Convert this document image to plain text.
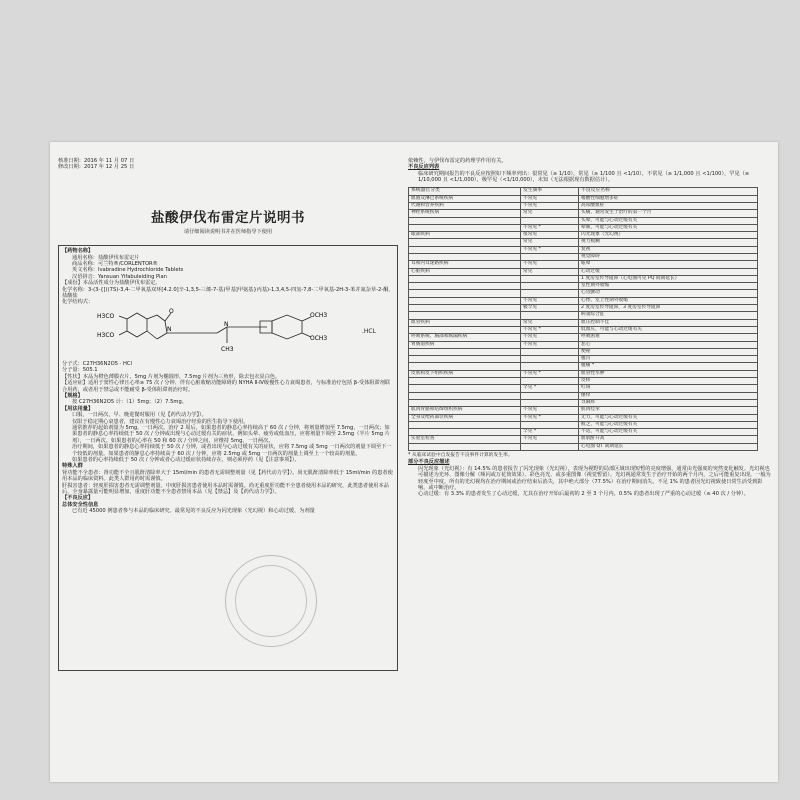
核准日期：2016 年 11 月 07 日

修改日期：2017 年 12 月 25 日

盐酸伊伐布雷定片说明书

请仔细阅读说明书并在医师指导下使用

【药物名称】

通用名称：盐酸伊伐布雷定片

商品名称：可兰特®/CORLENTOR®

英文名称：Ivabradine Hydrochloride Tablets

汉语拼音：Yansuan Yifabuleiding Pian

【成份】本品活性成分为盐酸伊伐布雷定。

化学名称：3-(3-{[((7S)-3,4-二甲氧基双环[4.2.0]辛-1,3,5-三烯-7-基)甲基]甲氨基}丙基)-1,3,4,5-四氢-7,8-二甲氧基-2H-3-苯并氮杂草-2-酮，盐酸盐

化学结构式：

H3CO
H3CO
O
N
N
CH3
OCH3
OCH3
.HCL

分子式：C27H36N2O5 · HCl

分子量：505.1

【性状】本品为橙色薄膜衣片，5mg 片剂为椭圆形，7.5mg 片剂为三角形，除去包衣显白色。

【适应症】适用于窦性心律且心率≥ 75 次 / 分钟、伴有心脏收缩功能障碍的 NYHA Ⅱ-Ⅳ级慢性心力衰竭患者，与标准治疗包括 β-受体阻滞剂联合用药，或者用于禁忌或不能耐受 β-受体阻滞剂治疗时。

【规格】

按 C27H36N2O5 计：（1）5mg；（2）7.5mg。

【用法用量】

口服，一日两次，早、晚进餐时服用（见【药代动力学】）。

仅限于稳定期心衰患者，建议在有慢性心力衰竭治疗经验的医生指导下使用。

通常推荐的起始剂量为 5mg，一日两次。治疗 2 周后，如果患者的静息心率持续高于 60 次 / 分钟，将剂量增加至 7.5mg，一日两次；如果患者的静息心率持续低于 50 次 / 分钟或出现与心动过缓有关的症状，例如头晕、疲劳或低血压，应将剂量下调至 2.5mg（半片 5mg 片剂），一日两次。如果患者的心率在 50 和 60 次 / 分钟之间，应维持 5mg，一日两次。

治疗期间，如果患者的静息心率持续低于 50 次 / 分钟，或者出现与心动过缓有关的症状，应将 7.5mg 或 5mg 一日两次的剂量下调至下一个较低的剂量。如果患者的静息心率持续高于 60 次 / 分钟，应将 2.5mg 或 5mg 一日两次的剂量上调至上一个较高的剂量。

如果患者的心率持续低于 50 次 / 分钟或者心动过缓症状持续存在，则必须停药（见【注意事项】）。

特殊人群

肾功能不全患者：肾功能不全且肌酐清除率大于 15ml/min 的患者无需调整剂量（见【药代动力学】）。尚无肌酐清除率低于 15ml/min 的患者使用本品的临床资料。此类人群用药时需谨慎。

肝损害患者：轻度肝损害患者无需调整剂量。中度肝损害患者使用本品时需谨慎。尚无重度肝功能不全患者使用本品的研究，此类患者使用本品后，全身暴露量可能明显增加，重度肝功能不全患者禁用本品（见【禁忌】及【药代动力学】）。

【不良反应】

总体安全性信息

已有近 45000 例患者参与本品的临床研究。最常见的不良反应为闪光现象（光幻视）和心动过缓，为剂量

依赖性，与伊伐布雷定的药理学作用有关。

不良反应列表

临床研究期间报告的不良反应按照如下频率列出：很常见（≥ 1/10），常见（≥ 1/100 且 <1/10），不常见（≥ 1/1,000 且 <1/100），罕见（≥ 1/10,000 且 <1/1,000），极罕见（<1/10,000），未知（无法根据现有数据估计）。

系统器官分类	发生频率	不良反应名称
血液及淋巴系统疾病	不常见	嗜酸性细胞增多症
代谢和营养疾病	不常见	高尿酸血症
神经系统疾病	常见	头痛，通常发生于治疗的第一个月
		头晕，可能与心动过缓有关
	不常见 *	晕厥，可能与心动过缓有关
眼部疾病	很常见	闪光现象（光幻视）
	常见	视力模糊
	不常见 *	复视
		视觉障碍
耳和内耳迷路疾病	不常见	眩晕
心脏疾病	常见	心动过缓
		1 度房室传导阻滞（心电图可见 PQ 间期延长）
		室性期外收缩
		心房颤动
	不常见	心悸，室上性期外收缩
	极罕见	2 度房室传导阻滞，3 度房室传导阻滞
		病窦综合征
血管疾病	常见	血压控制不佳
	不常见 *	低血压，可能与心动过缓有关
呼吸系统、胸部和纵隔疾病	不常见	呼吸困难
胃肠道疾病	不常见	恶心
		便秘
		腹泻
		腹痛 *
皮肤和皮下组织疾病	不常见 *	血管性水肿
		皮疹
	罕见 *	红斑
		瘙痒
		荨麻疹
肌肉骨骼和结缔组织疾病	不常见	肌肉痉挛
全身及给药部位疾病	不常见 *	无力，可能与心动过缓有关
		疲乏，可能与心动过缓有关
	罕见 *	不适，可能与心动过缓有关
实验室检查	不常见	血肌酐升高
		心电图 QT 间期延长

* 从临床试验中自发报告不良事件计算的发生率。

部分不良反应描述

闪光现象（光幻视）：有 14.5% 的患者报告了闪光现象（光幻视），表现为视野的局部区域出现短暂的亮度增强，通常由光强度的突然变化触发。光幻视也可描述为光环、图像分解（频闪或万花筒效果）、彩色亮光、或多重图像（视觉暂留）。光幻视通常发生于治疗开始的两个月内，之后可能重复出现。一般为轻度至中度。所有的光幻视均在治疗期间或治疗结束后消失，其中绝大部分（77.5%）在治疗期间消失。不足 1% 的患者因光幻视致使日常生活受到影响，或中断治疗。

心动过缓：有 3.3% 的患者发生了心动过缓，尤其在治疗开始后最初的 2 至 3 个月内。0.5% 的患者出现了严重的心动过缓（≤ 40 次 / 分钟）。
